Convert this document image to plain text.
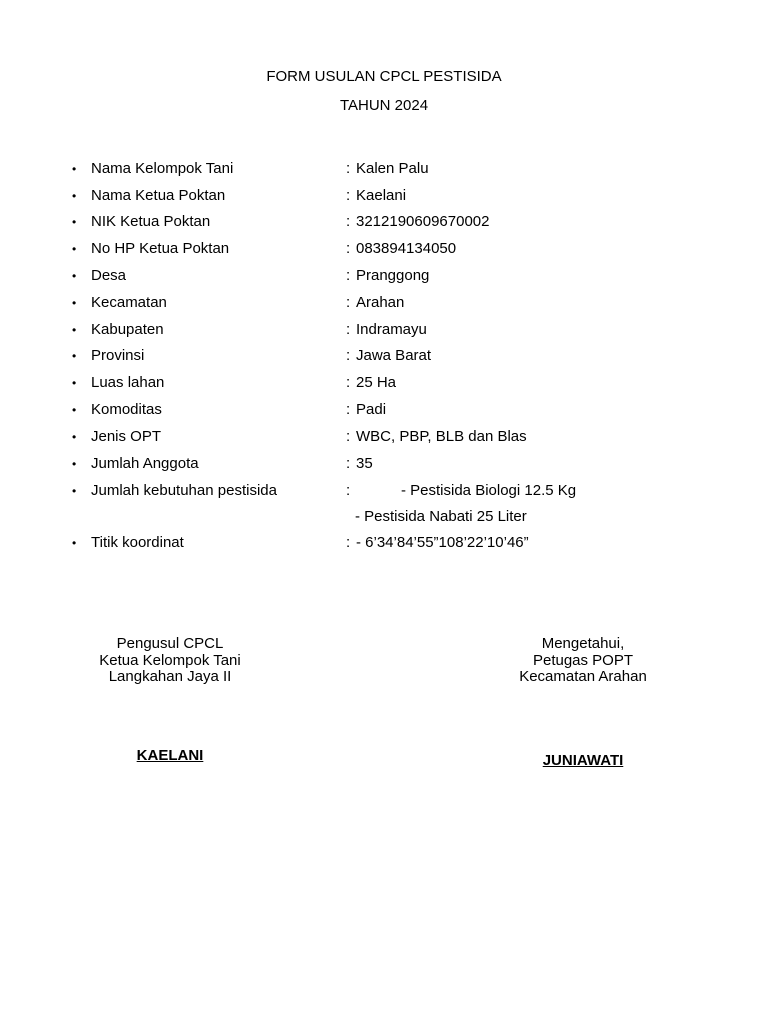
FORM USULAN CPCL PESTISIDA
TAHUN 2024
• Nama Kelompok Tani	: Kalen Palu
• Nama Ketua Poktan	: Kaelani
• NIK Ketua Poktan	: 3212190609670002
• No HP Ketua Poktan	: 083894134050
• Desa	: Pranggong
• Kecamatan	: Arahan
• Kabupaten	: Indramayu
• Provinsi	: Jawa Barat
• Luas lahan	: 25 Ha
• Komoditas	: Padi
• Jenis OPT	: WBC, PBP, BLB dan Blas
• Jumlah Anggota	: 35
• Jumlah kebutuhan pestisida	:	- Pestisida Biologi 12.5 Kg
- Pestisida Nabati 25 Liter
• Titik koordinat	: - 6’34’84’55”108’22’10’46”
Pengusul CPCL
Ketua Kelompok Tani
Langkahan Jaya II
KAELANI
Mengetahui,
Petugas POPT
Kecamatan Arahan
JUNIAWATI
